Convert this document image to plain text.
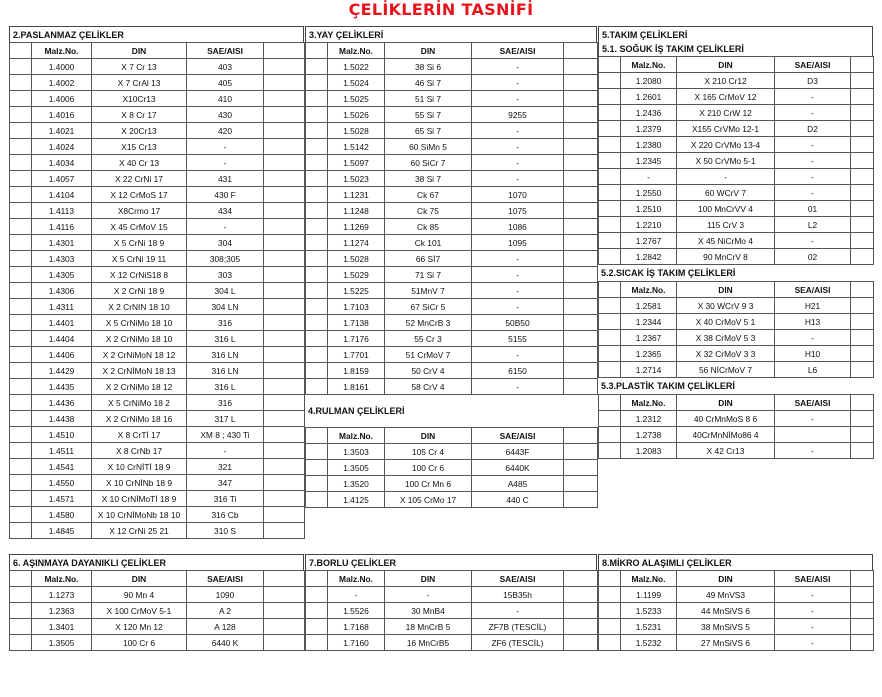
ÇELİKLERİN TASNİFİ
2.PASLANMAZ ÇELİKLER
	Malz.No.	DIN	SAE/AISI	
	1.4000	X 7 Cr 13	403	
	1.4002	X 7 CrAl 13	405	
	1.4006	X10Cr13	410	
	1.4016	X 8 Cr 17	430	
	1.4021	X 20Cr13	420	
	1.4024	X15 Cr13	-	
	1.4034	X 40 Cr 13	-	
	1.4057	X 22 CrNi 17	431	
	1.4104	X 12 CrMoS 17	430 F	
	1.4113	X8Crmo 17	434	
	1.4116	X 45 CrMoV 15	-	
	1.4301	X 5 CrNi 18 9	304	
	1.4303	X 5 CrNi 19 11	308;305	
	1.4305	X 12 CrNiS18 8	303	
	1.4306	X 2 CrNi 18 9	304 L	
	1.4311	X 2 CrNIN 18 10	304 LN	
	1.4401	X 5 CrNiMo 18 10	316	
	1.4404	X 2 CrNiMo 18 10	316 L	
	1.4406	X 2 CrNiMoN 18 12	316 LN	
	1.4429	X 2 CrNİMoN 18 13	316 LN	
	1.4435	X 2 CrNiMo 18 12	316 L	
	1.4436	X 5 CrNiMo 18 2	316	
	1.4438	X 2 CrNiMo 18 16	317 L	
	1.4510	X 8 CrTİ 17	XM 8 ; 430 Ti	
	1.4511	X 8 CrNb 17	-	
	1.4541	X 10 CrNİTİ 18 9	321	
	1.4550	X 10 CrNİNb 18 9	347	
	1.4571	X 10 CrNİMoTİ 18 9	316 Ti	
	1.4580	X 10 CrNİMoNb 18 10	316 Cb	
	1.4845	X 12 CrNi 25 21	310 S	
3.YAY ÇELİKLERİ
	Malz.No.	DIN	SAE/AISI	
	1.5022	38 Si 6	-	
	1.5024	46 Si 7	-	
	1.5025	51 Si 7	-	
	1.5026	55 Si 7	9255	
	1.5028	65 Si 7	-	
	1.5142	60 SiMn 5	-	
	1.5097	60 SiCr 7	-	
	1.5023	38 Si 7	-	
	1.1231	Ck 67	1070	
	1.1248	Ck 75	1075	
	1.1269	Ck 85	1086	
	1.1274	Ck 101	1095	
	1.5028	66 Sİ7	-	
	1.5029	71 Si 7	-	
	1.5225	51MnV 7	-	
	1.7103	67 SiCr 5	-	
	1.7138	52 MnCrB 3	50B50	
	1.7176	55 Cr 3	5155	
	1.7701	51 CrMoV 7	-	
	1.8159	50 CrV 4	6150	
	1.8161	58 CrV 4	-	
4.RULMAN ÇELİKLERİ
	Malz.No.	DIN	SAE/AISI	
	1.3503	105 Cr 4	6443F	
	1.3505	100 Cr 6	6440K	
	1.3520	100 Cr Mn 6	A485	
	1.4125	X 105 CrMo 17	440 C	
5.TAKIM ÇELİKLERİ
5.1. SOĞUK İŞ TAKIM ÇELİKLERİ
	Malz.No.	DIN	SAE/AISI	
	1.2080	X 210 Cr12	D3	
	1.2601	X 165 CrMoV 12	-	
	1.2436	X 210 CrW 12	-	
	1.2379	X155 CrVMo 12-1	D2	
	1.2380	X 220 CrVMo 13-4	-	
	1.2345	X 50 CrVMo 5-1	-	
	-	-	-	
	1.2550	60 WCrV 7	-	
	1.2510	100 MnCrVV 4	01	
	1.2210	115 CrV 3	L2	
	1.2767	X 45 NiCrMo 4	-	
	1.2842	90 MnCrV 8	02	
5.2.SICAK İŞ TAKIM ÇELİKLERİ
	Malz.No.	DIN	SEA/AISI	
	1.2581	X 30 WCrV 9 3	H21	
	1.2344	X 40 CrMoV 5 1	H13	
	1.2367	X 38 CrMoV 5 3	-	
	1.2365	X 32 CrMoV 3 3	H10	
	1.2714	56 NİCrMoV 7	L6	
5.3.PLASTİK TAKIM ÇELİKLERİ
	Malz.No.	DIN	SAE/AISI	
	1.2312	40 CrMnMoS 8 6	-	
	1.2738	40CrMnNİMo86 4		
	1.2083	X 42 Cr13	-	
6. AŞINMAYA DAYANIKLI ÇELİKLER
	Malz.No.	DIN	SAE/AISI	
	1.1273	90 Mn 4	1090	
	1.2363	X 100 CrMoV 5-1	A 2	
	1.3401	X 120 Mn 12	A 128	
	1.3505	100 Cr 6	6440 K	
7.BORLU ÇELİKLER
	Malz.No.	DIN	SAE/AISI	
	-	-	15B35h	
	1.5526	30 MnB4	-	
	1.7168	18 MnCrB 5	ZF7B (TESCİL)	
	1.7160	16 MnCrB5	ZF6 (TESCİL)	
8.MİKRO ALAŞIMLI ÇELİKLER
	Malz.No.	DIN	SAE/AISI	
	1.1199	49 MnVS3	-	
	1.5233	44 MnSiVS 6	-	
	1.5231	38 MnSiVS 5	-	
	1.5232	27 MnSiVS 6	-	
